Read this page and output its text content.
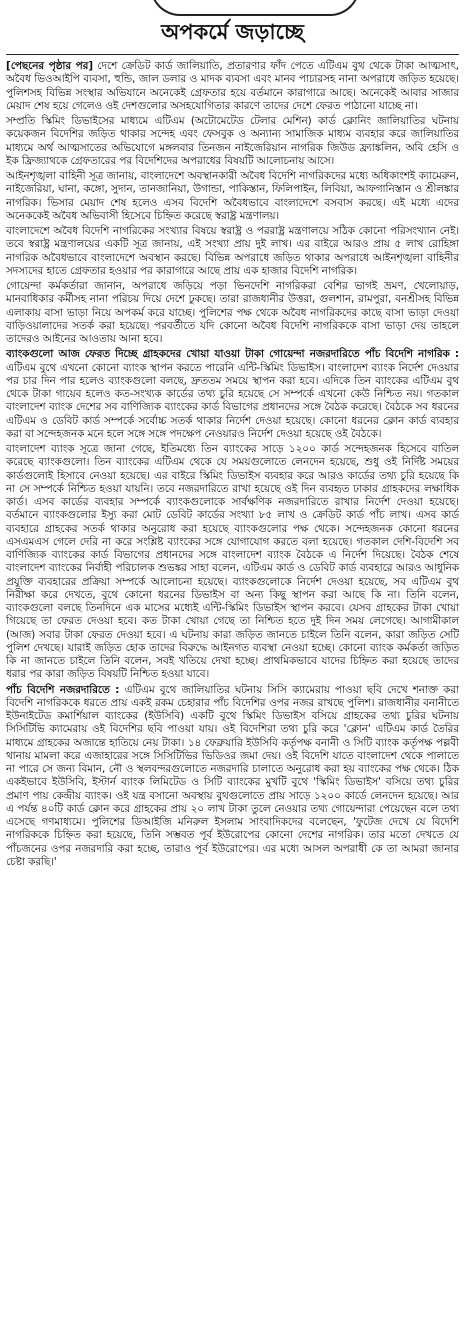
অপকর্মে জড়াচ্ছে

[পেছনের পৃষ্ঠার পর] দেশে ক্রেডিট কার্ড জালিয়াতি, প্রতারণার ফাঁদ পেতে এটিএম বুথ থেকে টাকা আত্মসাৎ, অবৈধ ভিওআইপি ব্যবসা, হুন্ডি, জাল ডলার ও মাদক ব্যবসা এবং মানব পাচারসহ নানা অপরাধে জড়িত হয়েছে। পুলিশসহ বিভিন্ন সংস্থার অভিযানে অনেকেই গ্রেফতার হয়ে বর্তমানে কারাগারে আছে। অনেকেই আবার সাজার মেয়াদ শেষ হয়ে গেলেও ওই দেশগুলোর অসহযোগিতার কারণে তাদের দেশে ফেরত পাঠানো যাচ্ছে না।

সম্প্রতি স্কিমিং ডিভাইসের মাধ্যমে এটিএম (অটোমেটেড টেলার মেশিন) কার্ড ক্লোনিং জালিয়াতির ঘটনায় কয়েকজন বিদেশির জড়িত থাকার সন্দেহ এবং ফেসবুক ও অন্যান্য সামাজিক মাধ্যম ব্যবহার করে জালিয়াতির মাধ্যমে অর্থ আত্মসাতের অভিযোগে মঙ্গলবার তিনজন নাইজেরিয়ান নাগরিক জিউড ফ্র্যাঙ্কলিন, অবি হেসি ও ইক ফ্রিজ্যাথকে গ্রেফতারের পর বিদেশিদের অপরাধের বিষয়টি আলোচনায় আসে।

আইনশৃঙ্খলা বাহিনী সূত্র জানায়, বাংলাদেশে অবস্থানকারী অবৈধ বিদেশি নাগরিকদের মধ্যে অধিকাংশই ক্যামেরুন, নাইজেরিয়া, ঘানা, কঙ্গো, সুদান, তানজানিয়া, উগান্ডা, পাকিস্তান, ফিলিপাইন, লিবিয়া, আফগানিস্তান ও শ্রীলঙ্কার নাগরিক। ভিসার মেয়াদ শেষ হলেও এসব বিদেশি অবৈধভাবে বাংলাদেশে বসবাস করছে। এই মধ্যে এদের অনেককেই অবৈধ অভিবাসী হিসেবে চিহ্নিত করেছে স্বরাষ্ট্র মন্ত্রণালয়।

বাংলাদেশে অবৈধ বিদেশি নাগরিকের সংখ্যার বিষয়ে স্বরাষ্ট্র ও পররাষ্ট্র মন্ত্রণালয়ে সঠিক কোনো পরিসংখ্যান নেই। তবে স্বরাষ্ট্র মন্ত্রণালয়ের একটি সূত্র জানায়, এই সংখ্যা প্রায় দুই লাখ। এর বাইরে আরও প্রায় ৫ লাখ রোহিঙ্গা নাগরিক অবৈধভাবে বাংলাদেশে অবস্থান করছে। বিভিন্ন অপরাধে জড়িত থাকার অপরাধে আইনশৃঙ্খলা বাহিনীর সদস্যদের হাতে গ্রেফতার হওয়ার পর কারাগারে আছে প্রায় এক হাজার বিদেশি নাগরিক।

গোয়েন্দা কর্মকর্তারা জানান, অপরাধে জড়িয়ে পড়া ভিনদেশি নাগরিকরা বেশির ভাগই ভ্রমণ, খেলোয়াড়, মানবাধিকার কর্মীসহ নানা পরিচয় দিয়ে দেশে ঢুকছে। তারা রাজধানীর উত্তরা, গুলশান, রামপুরা, বনশ্রীসহ বিভিন্ন এলাকায় বাসা ভাড়া নিয়ে অপকর্ম করে যাচ্ছে। পুলিশের পক্ষ থেকে অবৈধ নাগরিকদের কাছে বাসা ভাড়া দেওয়া বাড়িওয়ালাদের সতর্ক করা হয়েছে। পরবর্তীতে যদি কোনো অবৈধ বিদেশি নাগরিককে বাসা ভাড়া দেয় তাহলে তাদেরও আইনের আওতায় আনা হবে।

ব্যাংকগুলো আজ ফেরত দিচ্ছে গ্রাহকদের খোয়া যাওয়া টাকা গোয়েন্দা নজরদারিতে পাঁচ বিদেশি নাগরিক : এটিএম বুথে এখনো কোনো ব্যাংক স্থাপন করতে পারেনি এন্টি-স্কিমিং ডিভাইস। বাংলাদেশ ব্যাংক নির্দেশ দেওয়ার পর চার দিন পার হলেও ব্যাংকগুলো বলছে, দ্রুততম সময়ে স্থাপন করা হবে। এদিকে তিন ব্যাংকের এটিএম বুথ থেকে টাকা গায়েব হলেও কত-সংখ্যক কার্ডের তথ্য চুরি হয়েছে সে সম্পর্কে এখনো কেউ নিশ্চিত নয়। গতকাল বাংলাদেশ ব্যাংক দেশের সব বাণিজ্যিক ব্যাংকের কার্ড বিভাগের প্রধানদের সঙ্গে বৈঠক করেছে। বৈঠকে সব ধরনের এটিএম ও ডেবিট কার্ড সম্পর্কে সর্বোচ্চ সতর্ক থাকার নির্দেশ দেওয়া হয়েছে। কোনো ধরনের ক্লোন কার্ড ব্যবহার করা বা সন্দেহজনক মনে হলে সঙ্গে সঙ্গে পদক্ষেপ নেওয়ারও নির্দেশ দেওয়া হয়েছে ওই বৈঠকে।

বাংলাদেশ ব্যাংক সূত্রে জানা গেছে, ইতিমধ্যে তিন ব্যাংকের সাড়ে ১২০০ কার্ড সন্দেহজনক হিসেবে বাতিল করেছে ব্যাংকগুলো। তিন ব্যাংকের এটিএম থেকে যে সময়গুলোতে লেনদেন হয়েছে, শুধু ওই নির্দিষ্ট সময়ের কার্ডগুলোই হিসাবে নেওয়া হয়েছে। এর বাইরে স্কিমিং ডিভাইস ব্যবহার করে আরও কার্ডের তথ্য চুরি হয়েছে কি না সে সম্পর্কে নিশ্চিত হওয়া যায়নি। তবে নজরদারিতে রাখা হয়েছে ওই দিন ব্যবহৃত ঢাকার গ্রাহকদের লক্ষাধিক কার্ড। এসব কার্ডের ব্যবহার সম্পর্কে ব্যাংকগুলোকে সার্বক্ষণিক নজরদারিতে রাখার নির্দেশ দেওয়া হয়েছে। বর্তমানে ব্যাংকগুলোর ইস্যু করা মোট ডেবিট কার্ডের সংখ্যা ৮৫ লাখ ও ক্রেডিট কার্ড পাঁচ লাখ। এসব কার্ড ব্যবহারে গ্রাহকের সতর্ক থাকার অনুরোধ করা হয়েছে ব্যাংকগুলোর পক্ষ থেকে। সন্দেহজনক কোনো ধরনের এসএমএস গেলে দেরি না করে সংশ্লিষ্ট ব্যাংকের সঙ্গে যোগাযোগ করতে বলা হয়েছে। গতকাল দেশি-বিদেশি সব বাণিজ্যিক ব্যাংকের কার্ড বিভাগের প্রধানদের সঙ্গে বাংলাদেশ ব্যাংক বৈঠকে এ নির্দেশ দিয়েছে। বৈঠক শেষে বাংলাদেশ ব্যাংকের নির্বাহী পরিচালক শুভঙ্কর সাহা বলেন, এটিএম কার্ড ও ডেবিট কার্ড ব্যবহারে আরও আধুনিক প্রযুক্তি ব্যবহারের প্রক্রিয়া সম্পর্কে আলোচনা হয়েছে। ব্যাংকগুলোকে নির্দেশ দেওয়া হয়েছে, সব এটিএম বুথ নিরীক্ষা করে দেখতে, বুথে কোনো ধরনের ডিভাইস বা অন্য কিছু স্থাপন করা আছে কি না। তিনি বলেন, ব্যাংকগুলো বলছে তিনদিনে এক মাসের মধ্যেই এন্টি-স্কিমিং ডিভাইস স্থাপন করবে। যেসব গ্রাহকের টাকা খোয়া গিয়েছে তা ফেরত দেওয়া হবে। কত টাকা খোয়া গেছে তা নিশ্চিত হতে দুই দিন সময় লেগেছে। আগামীকাল (আজ) সবার টাকা ফেরত দেওয়া হবে। এ ঘটনায় কারা জড়িত জানতে চাইলে তিনি বলেন, কারা জড়িত সেটি পুলিশ দেখছে। যারাই জড়িত হোক তাদের বিরুদ্ধে আইনগত ব্যবস্থা নেওয়া হচ্ছে। কোনো ব্যাংক কর্মকর্তা জড়িত কি না জানতে চাইলে তিনি বলেন, সবই খতিয়ে দেখা হচ্ছে। প্রাথমিকভাবে যাদের চিহ্নিত করা হয়েছে তাদের ধরার পর কারা জড়িত বিষয়টি নিশ্চিত হওয়া যাবে।

পাঁচ বিদেশি নজরদারিতে : এটিএম বুথে জালিয়াতির ঘটনায় সিসি ক্যামেরায় পাওয়া ছবি দেখে শনাক্ত করা বিদেশি নাগরিককে ধরতে প্রায় একই রকম চেহারার পাঁচ বিদেশির ওপর নজর রাখছে পুলিশ। রাজধানীর বনানীতে ইউনাইটেড কমার্শিয়াল ব্যাংকের (ইউসিবি) একটি বুথে স্কিমিং ডিভাইস বসিয়ে গ্রাহকের তথ্য চুরির ঘটনায় সিসিটিভি ক্যামেরায় ওই বিদেশির ছবি পাওয়া যায়। ওই বিদেশিরা তথ্য চুরি করে 'ক্লোন' এটিএম কার্ড তৈরির মাধ্যমে গ্রাহকের অজান্তে হাতিয়ে নেয় টাকা। ১৪ ফেব্রুয়ারি ইউসিবি কর্তৃপক্ষ বনানী ও সিটি ব্যাংক কর্তৃপক্ষ পল্লবী থানায় মামলা করে এজাহারের সঙ্গে সিসিটিভির ভিডিওর জমা দেয়। ওই বিদেশি যাতে বাংলাদেশ থেকে পালাতে না পারে সে জন্য বিমান, নৌ ও স্থলবন্দরগুলোতে নজরদারি চালাতে অনুরোধ করা হয় ব্যাংকের পক্ষ থেকে। ঠিক একইভাবে ইউসিবি, ইস্টার্ন ব্যাংক লিমিটেড ও সিটি ব্যাংকের মুখটি বুথে 'স্কিমিং ডিভাইস' বসিয়ে তথ্য চুরির প্রমাণ পায় কেন্দ্রীয় ব্যাংক। ওই যন্ত্র বসানো অবস্থায় বুথগুলোতে প্রায় সাড়ে ১২০০ কার্ডে লেনদেন হয়েছে। আর এ পর্যন্ত ৪০টি কার্ড ক্লোন করে গ্রাহকের প্রায় ২০ লাখ টাকা তুলে নেওয়ার তথ্য গোয়েন্দারা পেয়েছেন বলে তথ্য এসেছে গণমাধ্যমে। পুলিশের ডিআইজি মনিরুল ইসলাম সাংবাদিকদের বলেছেন, 'ফুটেজ দেখে যে বিদেশি নাগরিককে চিহ্নিত করা হয়েছে, তিনি সম্ভবত পূর্ব ইউরোপের কোনো দেশের নাগরিক। তার মতো দেখতে যে পাঁচজনের ওপর নজরদারি করা হচ্ছে, তারাও পূর্ব ইউরোপের। এর মধ্যে আসল অপরাধী কে তা আমরা জানার চেষ্টা করছি।'
